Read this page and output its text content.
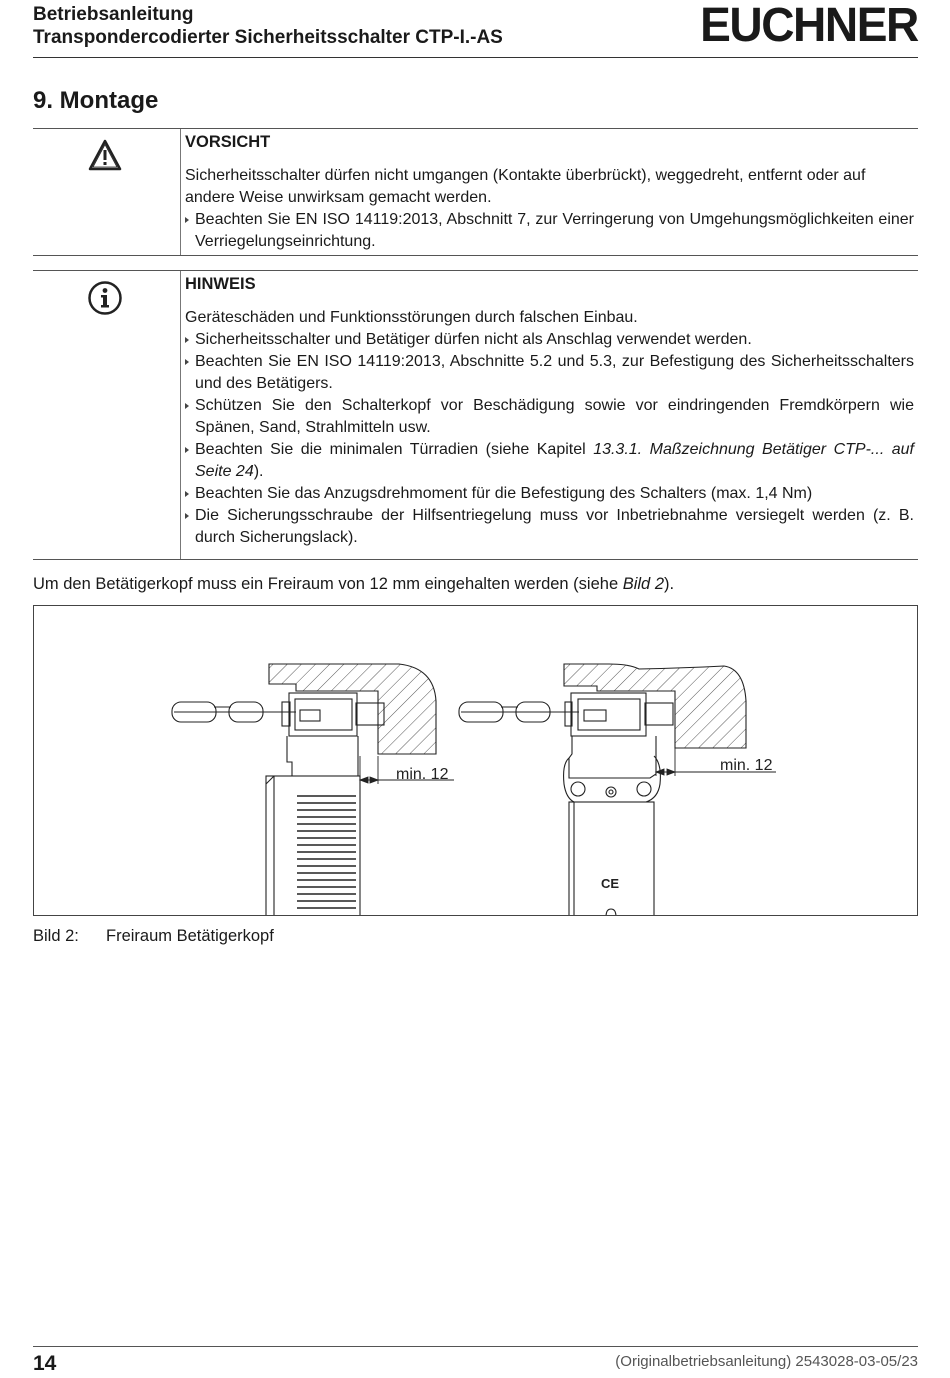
Betriebsanleitung
Transpondercodierter Sicherheitsschalter CTP-I.-AS	EUCHNER
9. Montage
VORSICHT
Sicherheitsschalter dürfen nicht umgangen (Kontakte überbrückt), weggedreht, entfernt oder auf andere Weise unwirksam gemacht werden.
Beachten Sie EN ISO 14119:2013, Abschnitt 7, zur Verringerung von Umgehungsmöglichkeiten einer Verriegelungseinrichtung.
HINWEIS
Geräteschäden und Funktionsstörungen durch falschen Einbau.
Sicherheitsschalter und Betätiger dürfen nicht als Anschlag verwendet werden.
Beachten Sie EN ISO 14119:2013, Abschnitte 5.2 und 5.3, zur Befestigung des Sicherheitsschalters und des Betätigers.
Schützen Sie den Schalterkopf vor Beschädigung sowie vor eindringenden Fremdkörpern wie Spänen, Sand, Strahlmitteln usw.
Beachten Sie die minimalen Türradien (siehe Kapitel 13.3.1. Maßzeichnung Betätiger CTP-... auf Seite 24).
Beachten Sie das Anzugsdrehmoment für die Befestigung des Schalters (max. 1,4 Nm)
Die Sicherungsschraube der Hilfsentriegelung muss vor Inbetriebnahme versiegelt werden (z. B. durch Sicherungslack).
Um den Betätigerkopf muss ein Freiraum von 12 mm eingehalten werden (siehe Bild 2).
min. 12
min. 12
CE
Bild 2: Freiraum Betätigerkopf
14	(Originalbetriebsanleitung) 2543028-03-05/23
